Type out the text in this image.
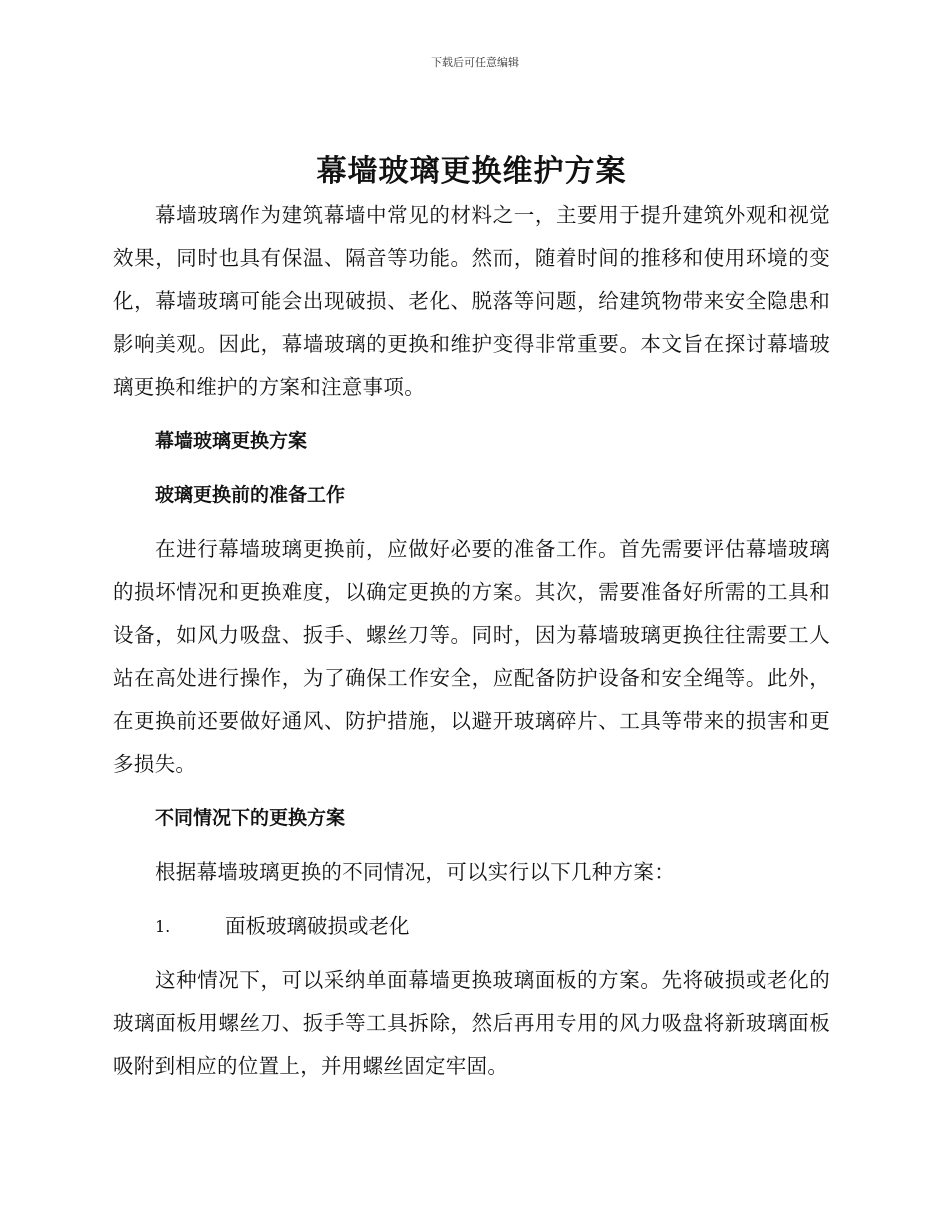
下载后可任意编辑
幕墙玻璃更换维护方案

幕墙玻璃作为建筑幕墙中常见的材料之一，主要用于提升建筑外观和视觉效果，同时也具有保温、隔音等功能。然而，随着时间的推移和使用环境的变化，幕墙玻璃可能会出现破损、老化、脱落等问题，给建筑物带来安全隐患和影响美观。因此，幕墙玻璃的更换和维护变得非常重要。本文旨在探讨幕墙玻璃更换和维护的方案和注意事项。

幕墙玻璃更换方案
玻璃更换前的准备工作

在进行幕墙玻璃更换前，应做好必要的准备工作。首先需要评估幕墙玻璃的损坏情况和更换难度，以确定更换的方案。其次，需要准备好所需的工具和设备，如风力吸盘、扳手、螺丝刀等。同时，因为幕墙玻璃更换往往需要工人站在高处进行操作，为了确保工作安全，应配备防护设备和安全绳等。此外，在更换前还要做好通风、防护措施，以避开玻璃碎片、工具等带来的损害和更多损失。

不同情况下的更换方案

根据幕墙玻璃更换的不同情况，可以实行以下几种方案：

1.	面板玻璃破损或老化

这种情况下，可以采纳单面幕墙更换玻璃面板的方案。先将破损或老化的玻璃面板用螺丝刀、扳手等工具拆除，然后再用专用的风力吸盘将新玻璃面板吸附到相应的位置上，并用螺丝固定牢固。
